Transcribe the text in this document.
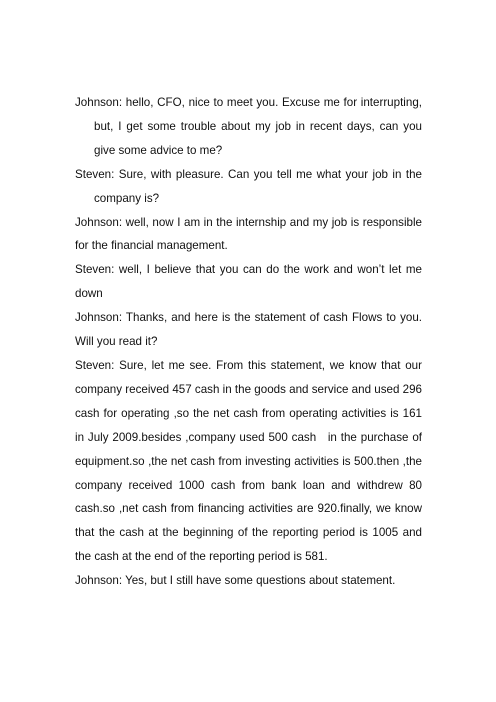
Johnson: hello, CFO, nice to meet you. Excuse me for interrupting, but, I get some trouble about my job in recent days, can you give some advice to me?

Steven: Sure, with pleasure. Can you tell me what your job in the company is?

Johnson: well, now I am in the internship and my job is responsible for the financial management.

Steven: well, I believe that you can do the work and won’t let me down

Johnson: Thanks, and here is the statement of cash Flows to you. Will you read it?

Steven: Sure, let me see. From this statement, we know that our company received 457 cash in the goods and service and used 296 cash for operating ,so the net cash from operating activities is 161 in July 2009.besides ,company used 500 cash   in the purchase of equipment.so ,the net cash from investing activities is 500.then ,the company received 1000 cash from bank loan and withdrew 80 cash.so ,net cash from financing activities are 920.finally, we know that the cash at the beginning of the reporting period is 1005 and the cash at the end of the reporting period is 581.

Johnson: Yes, but I still have some questions about statement.
